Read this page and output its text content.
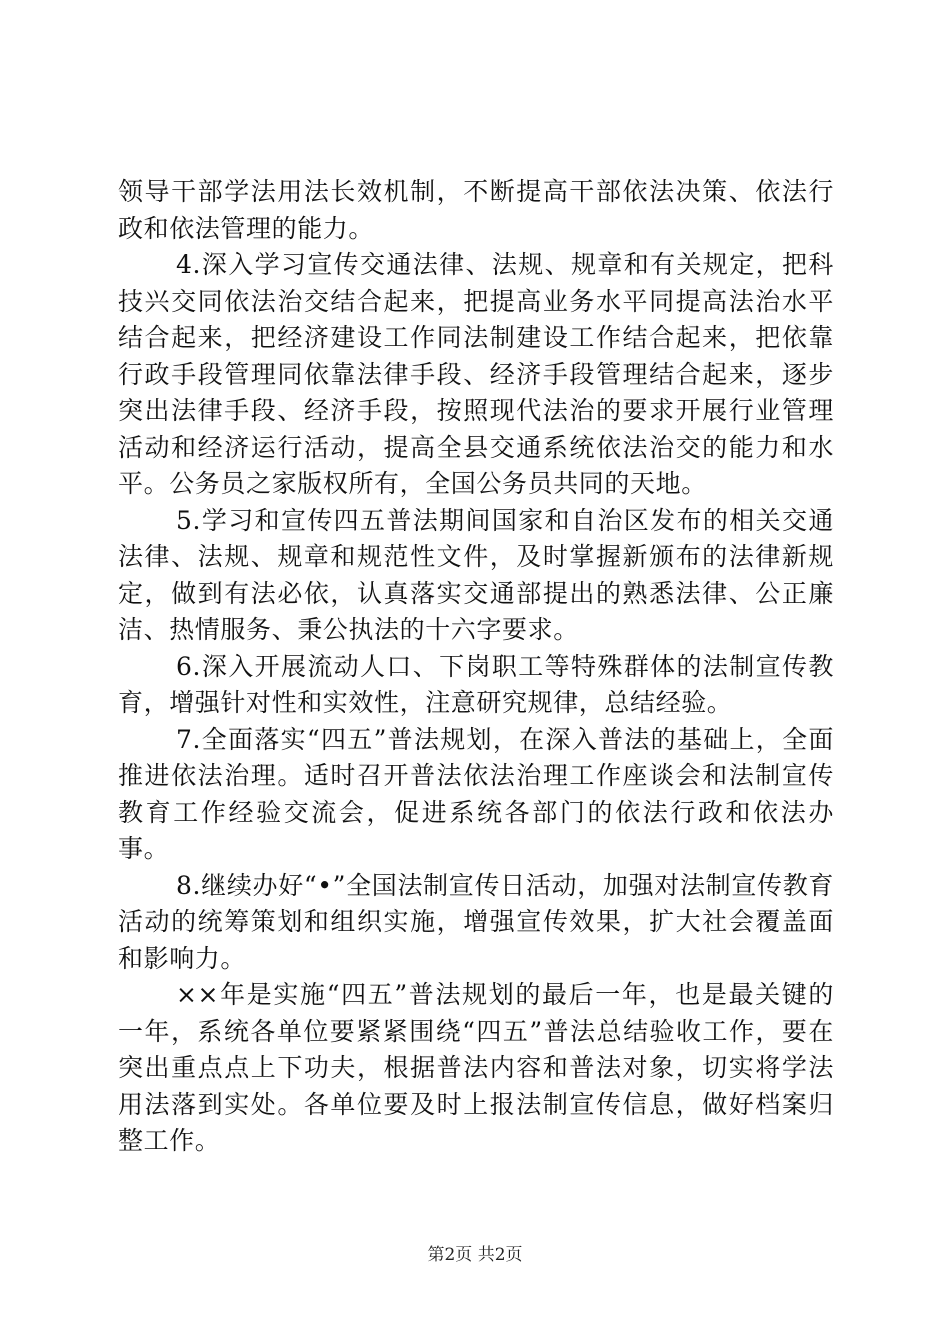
领导干部学法用法长效机制，不断提高干部依法决策、依法行政和依法管理的能力。

4.深入学习宣传交通法律、法规、规章和有关规定，把科技兴交同依法治交结合起来，把提高业务水平同提高法治水平结合起来，把经济建设工作同法制建设工作结合起来，把依靠行政手段管理同依靠法律手段、经济手段管理结合起来，逐步突出法律手段、经济手段，按照现代法治的要求开展行业管理活动和经济运行活动，提高全县交通系统依法治交的能力和水平。公务员之家版权所有，全国公务员共同的天地。

5.学习和宣传四五普法期间国家和自治区发布的相关交通法律、法规、规章和规范性文件，及时掌握新颁布的法律新规定，做到有法必依，认真落实交通部提出的熟悉法律、公正廉洁、热情服务、秉公执法的十六字要求。

6.深入开展流动人口、下岗职工等特殊群体的法制宣传教育，增强针对性和实效性，注意研究规律，总结经验。

7.全面落实“四五”普法规划，在深入普法的基础上，全面推进依法治理。适时召开普法依法治理工作座谈会和法制宣传教育工作经验交流会，促进系统各部门的依法行政和依法办事。

8.继续办好“•”全国法制宣传日活动，加强对法制宣传教育活动的统筹策划和组织实施，增强宣传效果，扩大社会覆盖面和影响力。

××年是实施“四五”普法规划的最后一年，也是最关键的一年，系统各单位要紧紧围绕“四五”普法总结验收工作，要在突出重点点上下功夫，根据普法内容和普法对象，切实将学法用法落到实处。各单位要及时上报法制宣传信息，做好档案归整工作。

第2页 共2页
